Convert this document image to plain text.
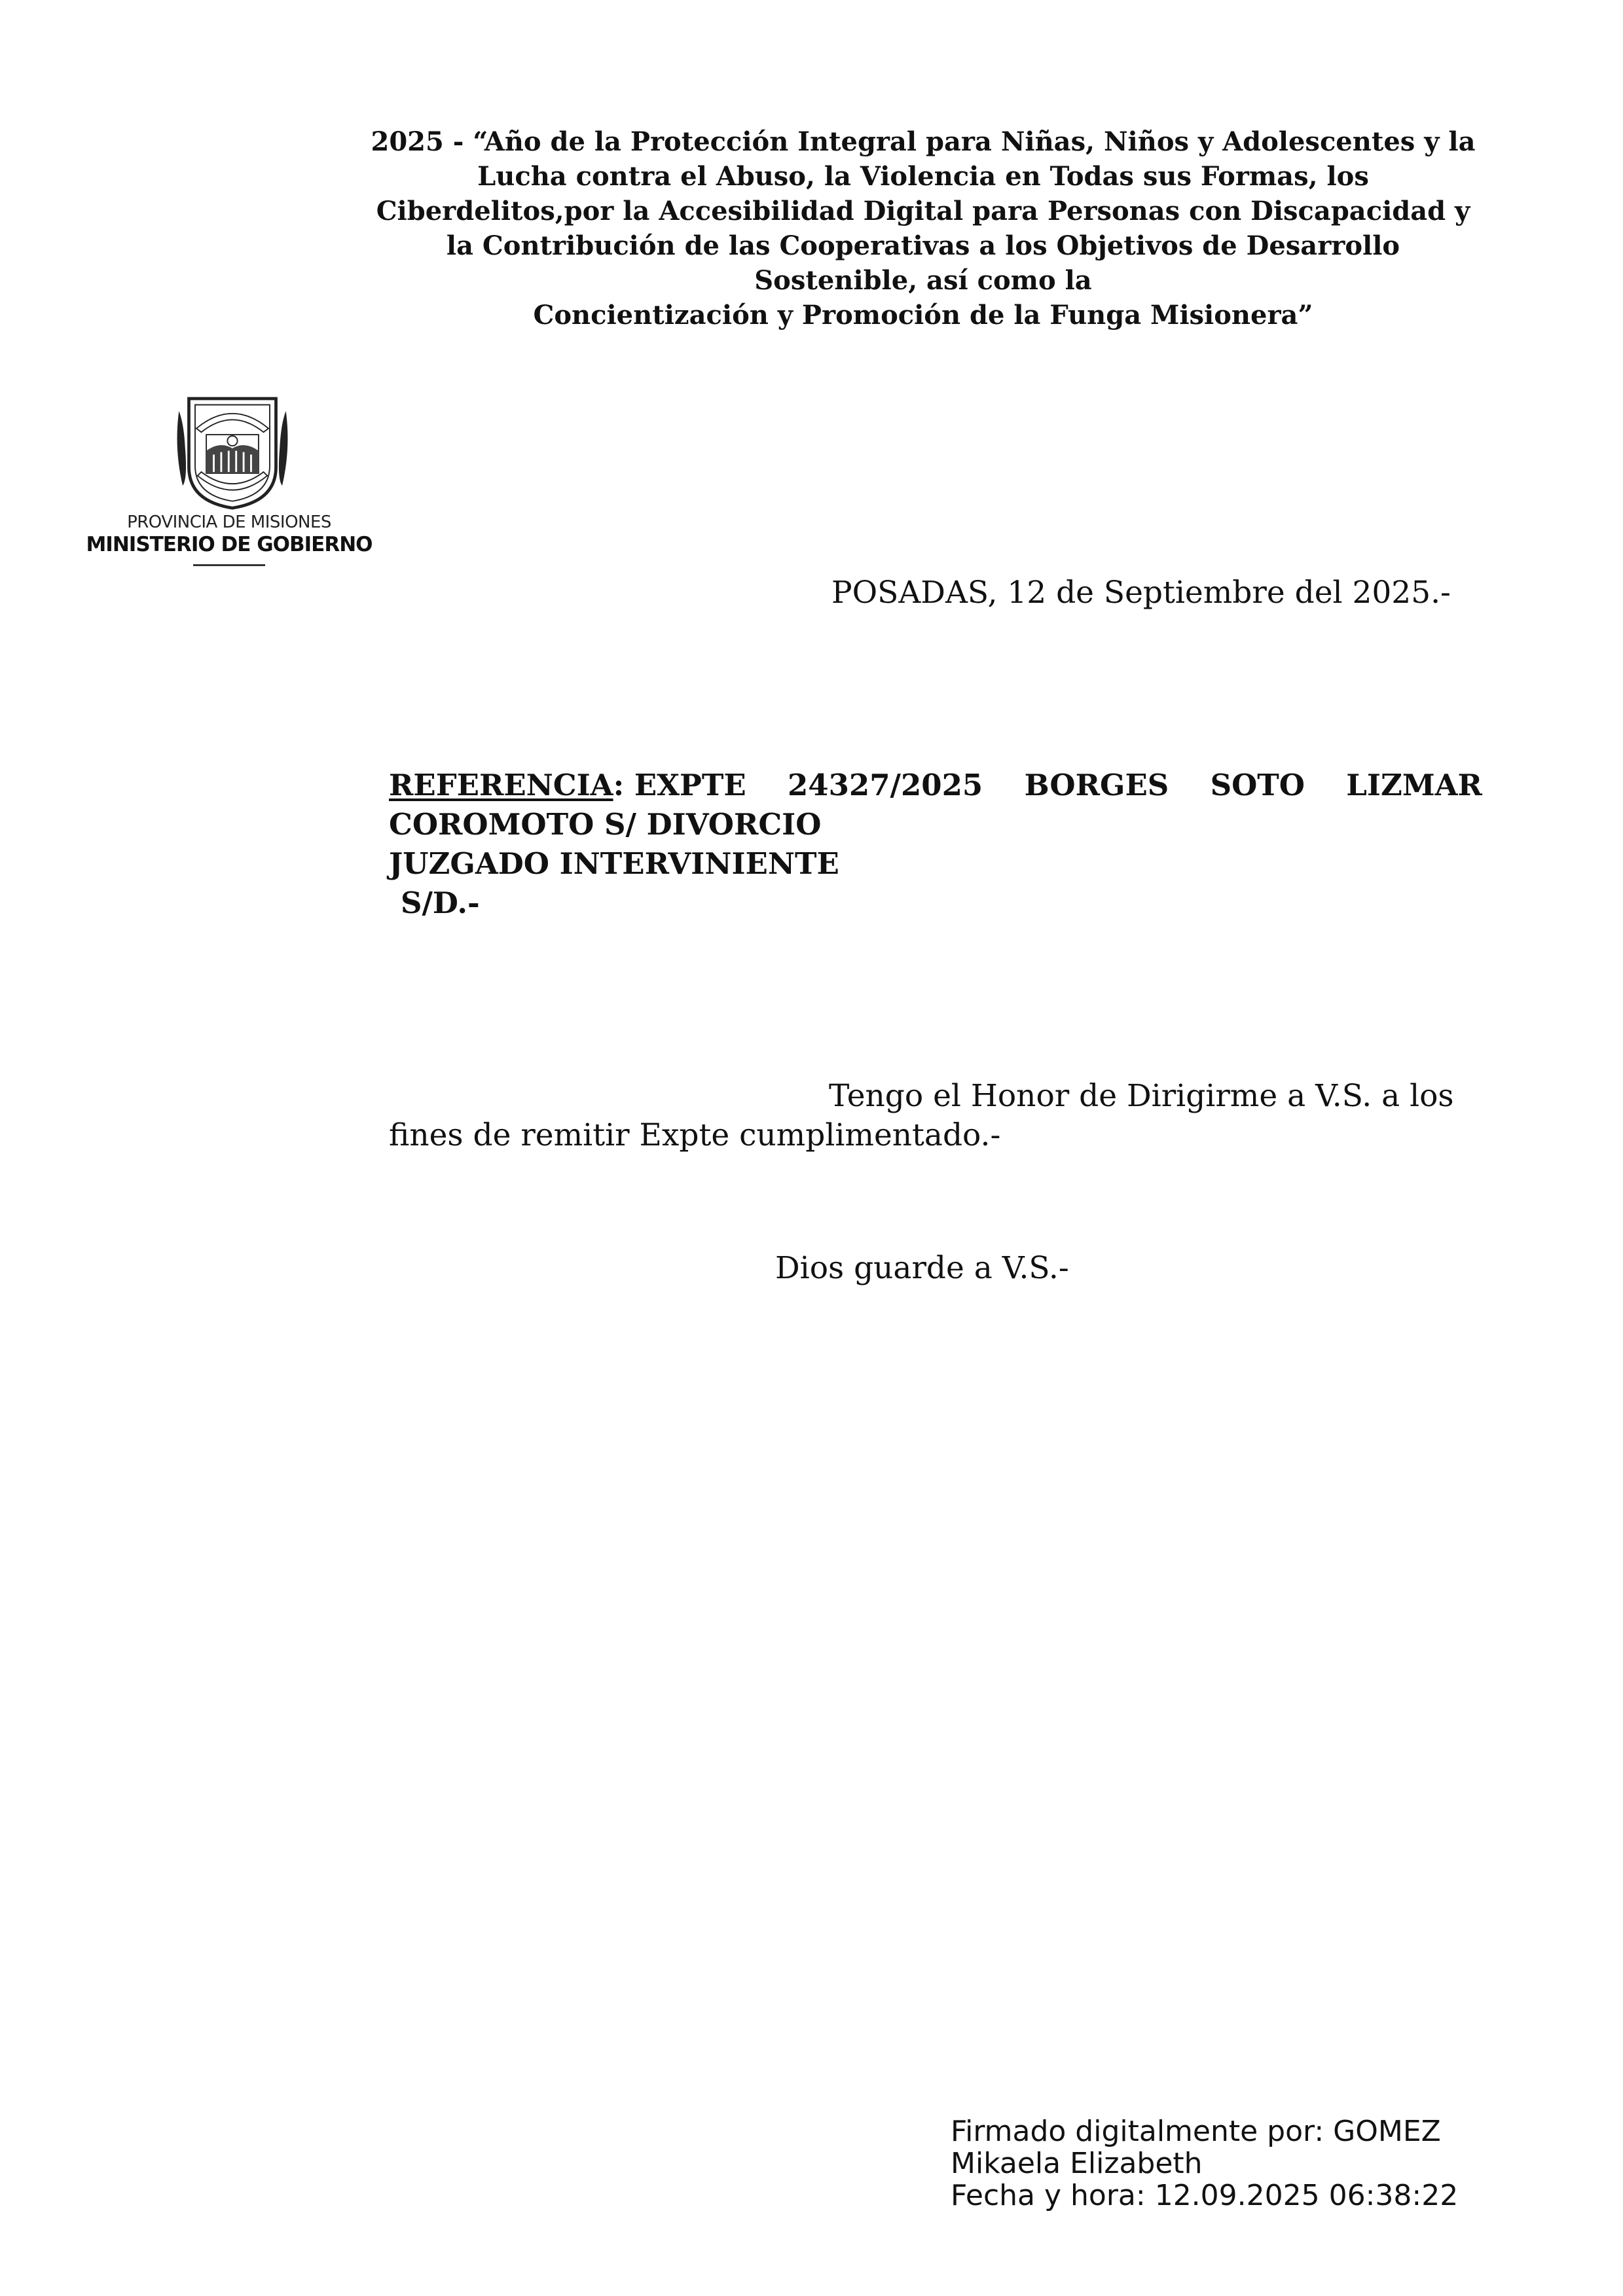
2025 - “Año de la Protección Integral para Niñas, Niños y Adolescentes y la
Lucha contra el Abuso, la Violencia en Todas sus Formas, los
Ciberdelitos,por la Accesibilidad Digital para Personas con Discapacidad y
la Contribución de las Cooperativas a los Objetivos de Desarrollo
Sostenible, así como la
Concientización y Promoción de la Funga Misionera”
PROVINCIA DE MISIONES
MINISTERIO DE GOBIERNO
POSADAS, 12 de Septiembre del 2025.-
REFERENCIA: EXPTE 24327/2025 BORGES SOTO LIZMAR
COROMOTO S/ DIVORCIO
JUZGADO INTERVINIENTE
S/D.-
Tengo el Honor de Dirigirme a V.S. a los
fines de remitir Expte cumplimentado.-
Dios guarde a V.S.-
Firmado digitalmente por: GOMEZ
Mikaela Elizabeth
Fecha y hora: 12.09.2025 06:38:22
